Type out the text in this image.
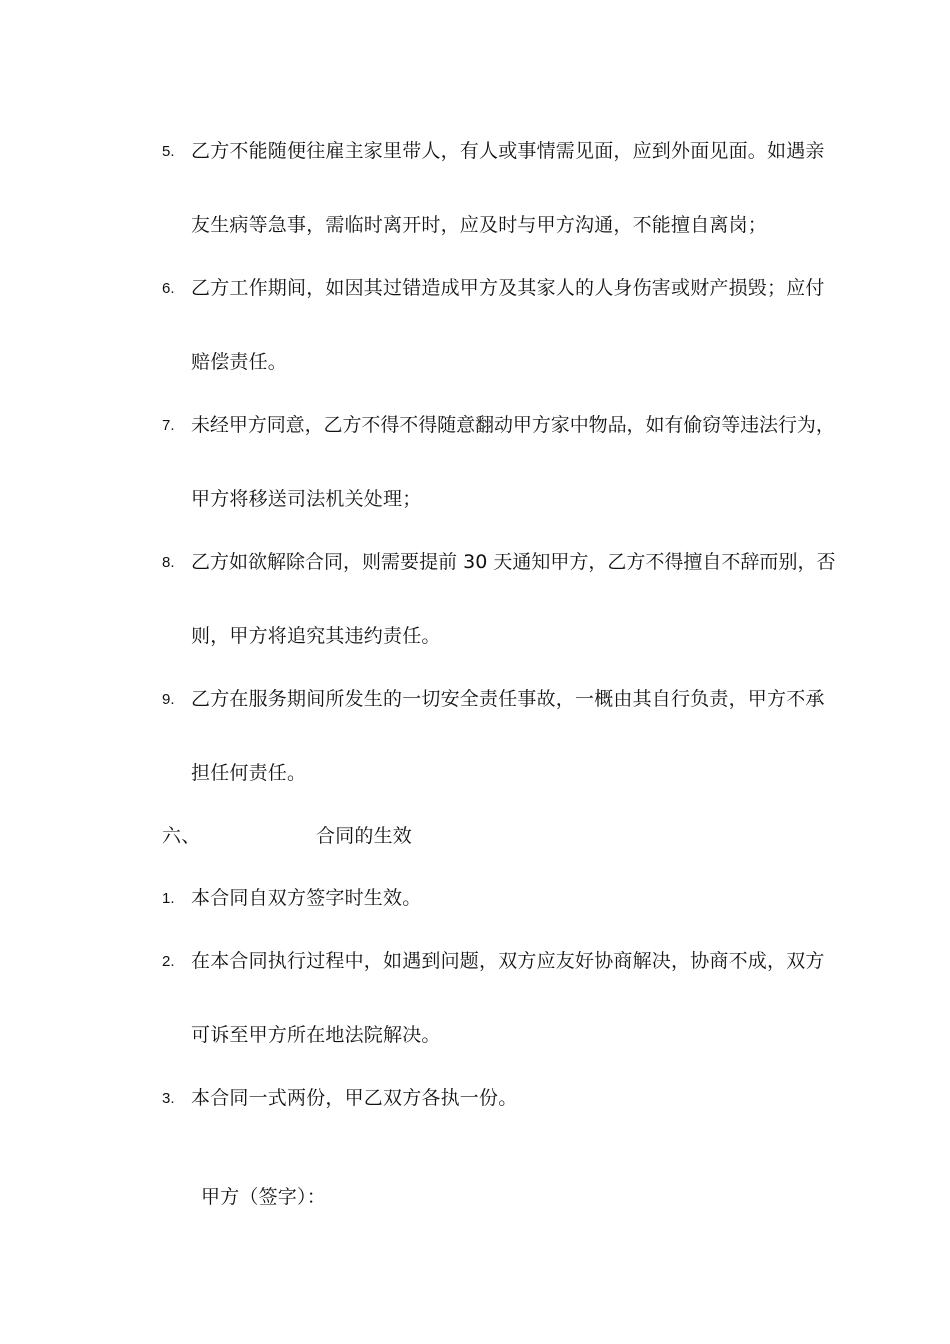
5. 乙方不能随便往雇主家里带人，有人或事情需见面，应到外面见面。如遇亲
友生病等急事，需临时离开时，应及时与甲方沟通，不能擅自离岗；
6. 乙方工作期间，如因其过错造成甲方及其家人的人身伤害或财产损毁；应付
赔偿责任。
7. 未经甲方同意，乙方不得不得随意翻动甲方家中物品，如有偷窃等违法行为，
甲方将移送司法机关处理；
8. 乙方如欲解除合同，则需要提前 30 天通知甲方，乙方不得擅自不辞而别，否
则，甲方将追究其违约责任。
9. 乙方在服务期间所发生的一切安全责任事故，一概由其自行负责，甲方不承
担任何责任。
六、	合同的生效
1. 本合同自双方签字时生效。
2. 在本合同执行过程中，如遇到问题，双方应友好协商解决，协商不成，双方
可诉至甲方所在地法院解决。
3. 本合同一式两份，甲乙双方各执一份。
甲方（签字）：
